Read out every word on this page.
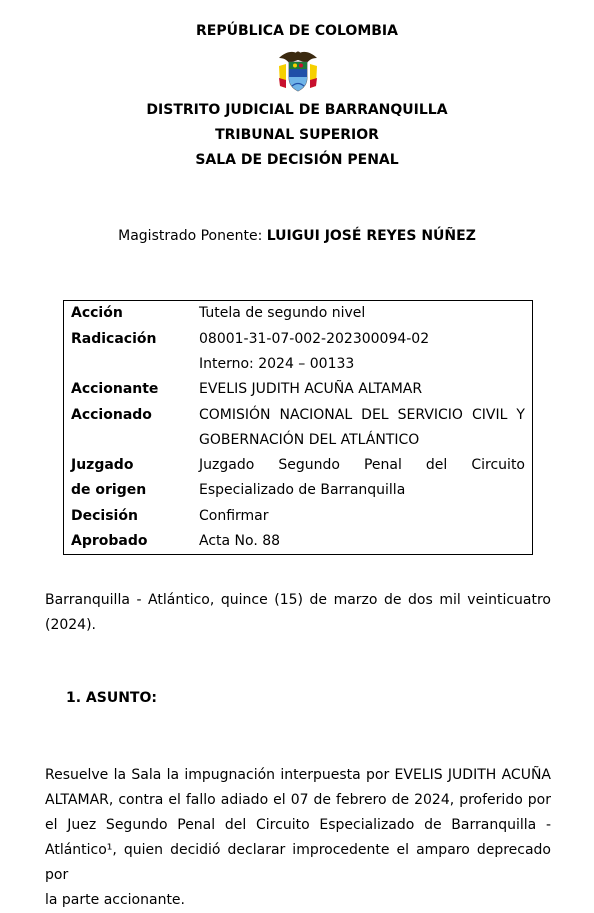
REPÚBLICA DE COLOMBIA
DISTRITO JUDICIAL DE BARRANQUILLA
TRIBUNAL SUPERIOR
SALA DE DECISIÓN PENAL
Magistrado Ponente: LUIGUI JOSÉ REYES NÚÑEZ
Acción	Tutela de segundo nivel
Radicación	08001-31-07-002-202300094-02
	Interno: 2024 – 00133
Accionante	EVELIS JUDITH ACUÑA ALTAMAR
Accionado	COMISIÓN NACIONAL DEL SERVICIO CIVIL Y
	GOBERNACIÓN DEL ATLÁNTICO
Juzgado	Juzgado Segundo Penal del Circuito
de origen	Especializado de Barranquilla
Decisión	Confirmar
Aprobado	Acta No. 88
Barranquilla - Atlántico, quince (15) de marzo de dos mil veinticuatro
(2024).
1. ASUNTO:
Resuelve la Sala la impugnación interpuesta por EVELIS JUDITH ACUÑA
ALTAMAR, contra el fallo adiado el 07 de febrero de 2024, proferido por
el Juez Segundo Penal del Circuito Especializado de Barranquilla -
Atlántico¹, quien decidió declarar improcedente el amparo deprecado por
la parte accionante.
